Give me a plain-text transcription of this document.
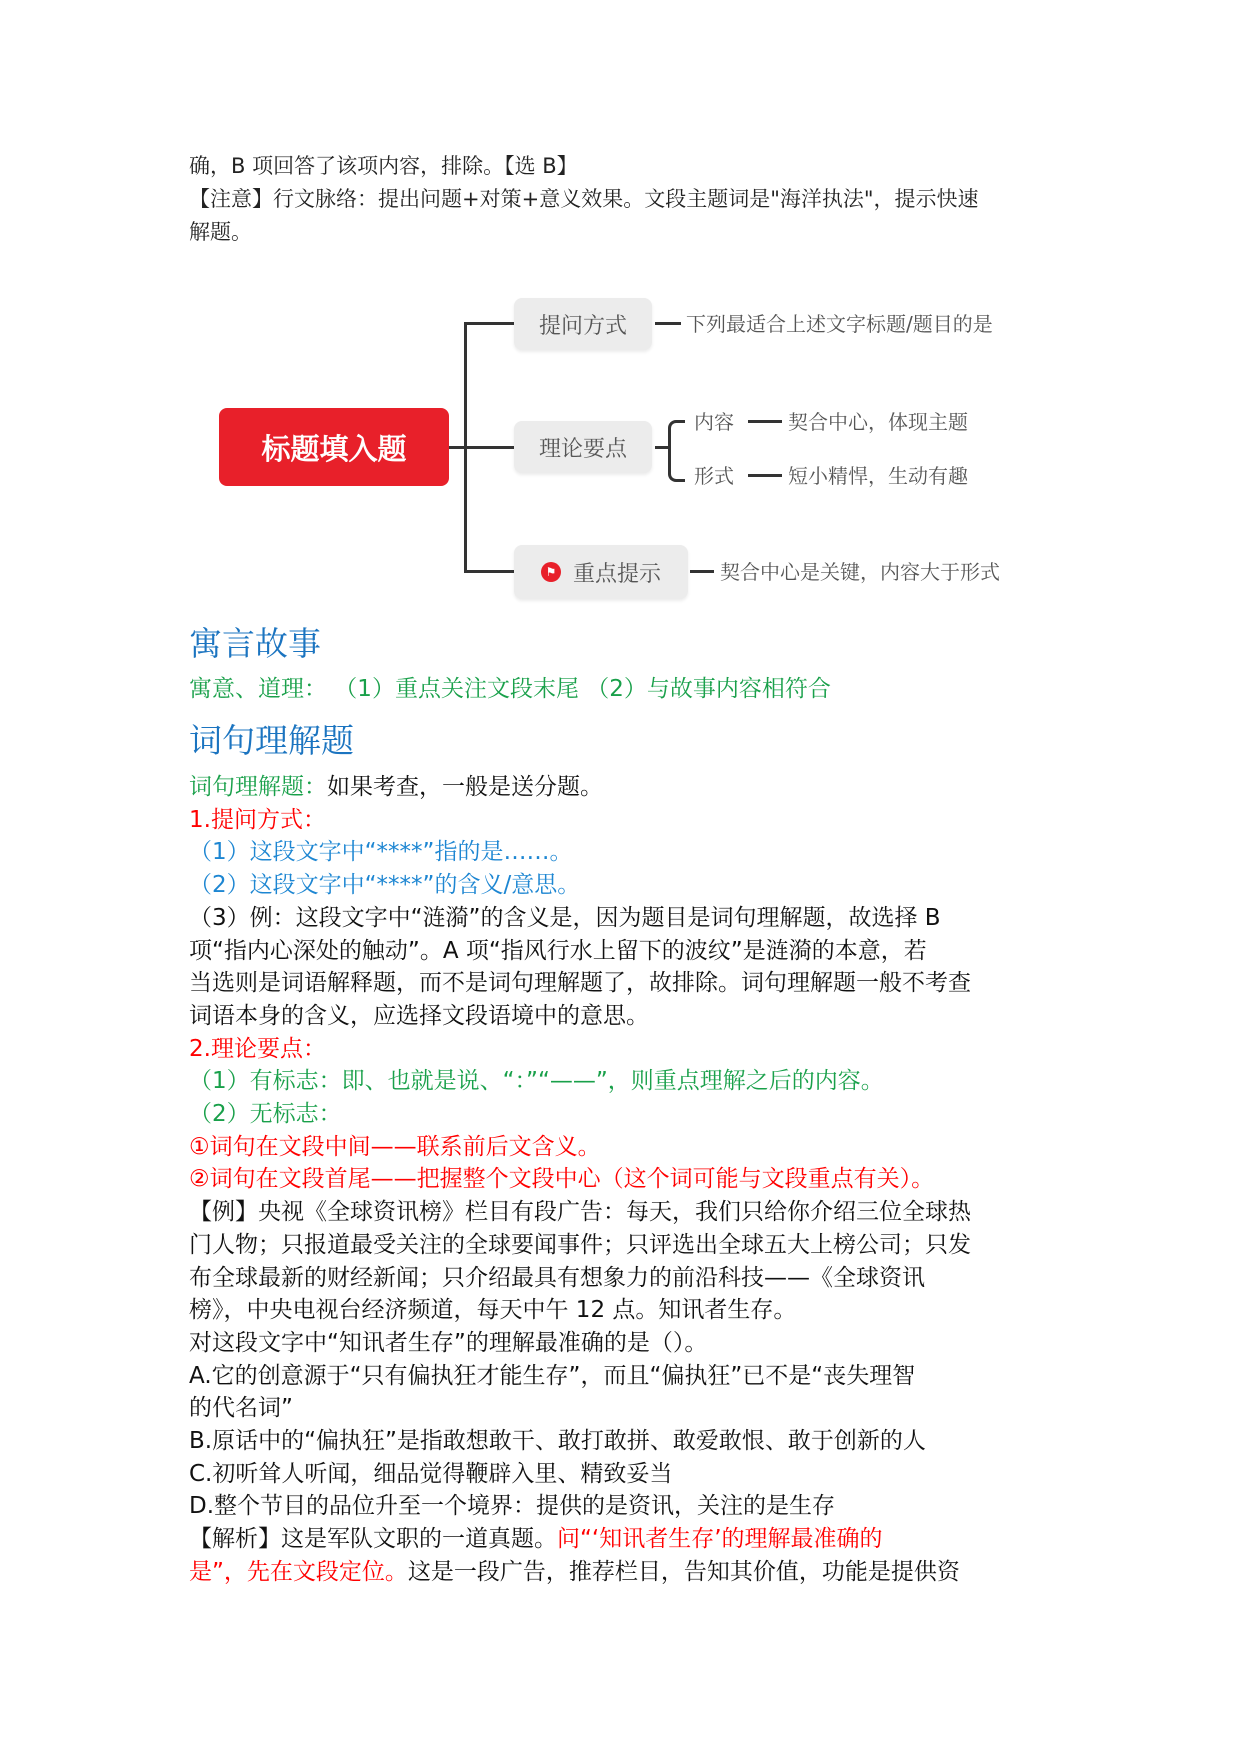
确，B 项回答了该项内容，排除。【选 B】
【注意】行文脉络：提出问题+对策+意义效果。文段主题词是"海洋执法"，提示快速
解题。
标题填入题
提问方式	下列最适合上述文字标题/题目的是
理论要点
内容	契合中心，体现主题
形式	短小精悍，生动有趣
⚑ 重点提示	契合中心是关键，内容大于形式
寓言故事
寓意、道理： （1）重点关注文段末尾 （2）与故事内容相符合
词句理解题
词句理解题：如果考查，一般是送分题。
1.提问方式：
（1）这段文字中“****”指的是……。
（2）这段文字中“****”的含义/意思。
（3）例：这段文字中“涟漪”的含义是，因为题目是词句理解题，故选择 B
项“指内心深处的触动”。A 项“指风行水上留下的波纹”是涟漪的本意，若
当选则是词语解释题，而不是词句理解题了，故排除。词句理解题一般不考查
词语本身的含义，应选择文段语境中的意思。
2.理论要点：
（1）有标志：即、也就是说、“：”“——”，则重点理解之后的内容。
（2）无标志：
①词句在文段中间——联系前后文含义。
②词句在文段首尾——把握整个文段中心（这个词可能与文段重点有关）。
【例】央视《全球资讯榜》栏目有段广告：每天，我们只给你介绍三位全球热
门人物；只报道最受关注的全球要闻事件；只评选出全球五大上榜公司；只发
布全球最新的财经新闻；只介绍最具有想象力的前沿科技——《全球资讯
榜》，中央电视台经济频道，每天中午 12 点。知讯者生存。
对这段文字中“知讯者生存”的理解最准确的是（）。
A.它的创意源于“只有偏执狂才能生存”，而且“偏执狂”已不是“丧失理智
的代名词”
B.原话中的“偏执狂”是指敢想敢干、敢打敢拼、敢爱敢恨、敢于创新的人
C.初听耸人听闻，细品觉得鞭辟入里、精致妥当
D.整个节目的品位升至一个境界：提供的是资讯，关注的是生存
【解析】这是军队文职的一道真题。问“‘知讯者生存’的理解最准确的
是”，先在文段定位。这是一段广告，推荐栏目，告知其价值，功能是提供资
